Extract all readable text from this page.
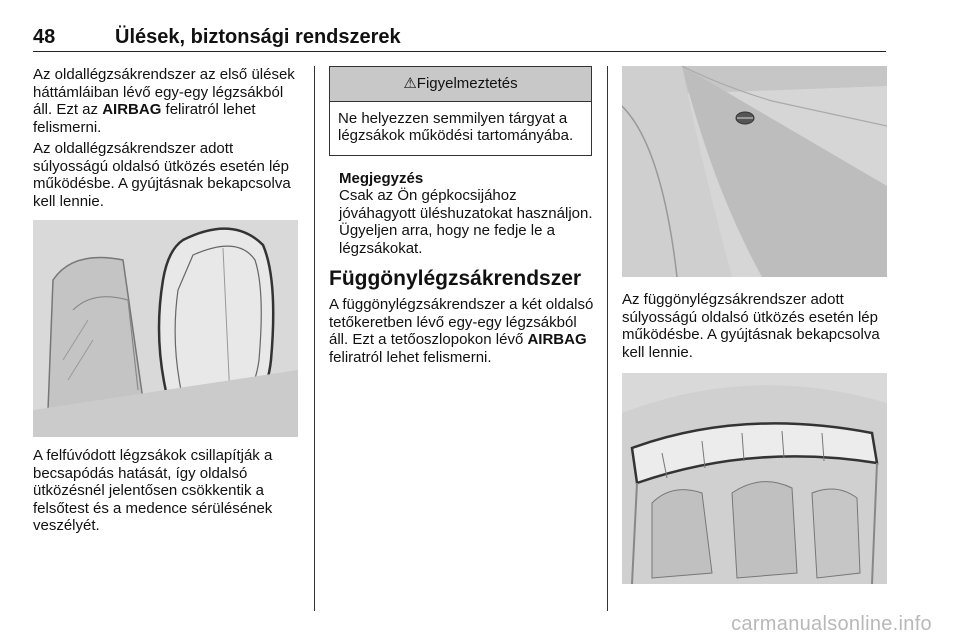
48	Ülések, biztonsági rendszerek

Az oldallégzsákrendszer az első ülések háttámláiban lévő egy-egy légzsákból áll. Ezt az AIRBAG feliratról lehet felismerni.

Az oldallégzsákrendszer adott súlyosságú oldalsó ütközés esetén lép működésbe. A gyújtásnak bekapcsolva kell lennie.

A felfúvódott légzsákok csillapítják a becsapódás hatását, így oldalsó ütközésnél jelentősen csökkentik a felsőtest és a medence sérülésének veszélyét.

⚠Figyelmeztetés
Ne helyezzen semmilyen tárgyat a légzsákok működési tartományába.
Megjegyzés
Csak az Ön gépkocsijához jóváhagyott üléshuzatokat használjon. Ügyeljen arra, hogy ne fedje le a légzsákokat.
Függönylégzsákrendszer

A függönylégzsákrendszer a két oldalsó tetőkeretben lévő egy-egy légzsákból áll. Ezt a tetőoszlopokon lévő AIRBAG feliratról lehet felismerni.

Az függönylégzsákrendszer adott súlyosságú oldalsó ütközés esetén lép működésbe. A gyújtásnak bekapcsolva kell lennie.

carmanualsonline.info
